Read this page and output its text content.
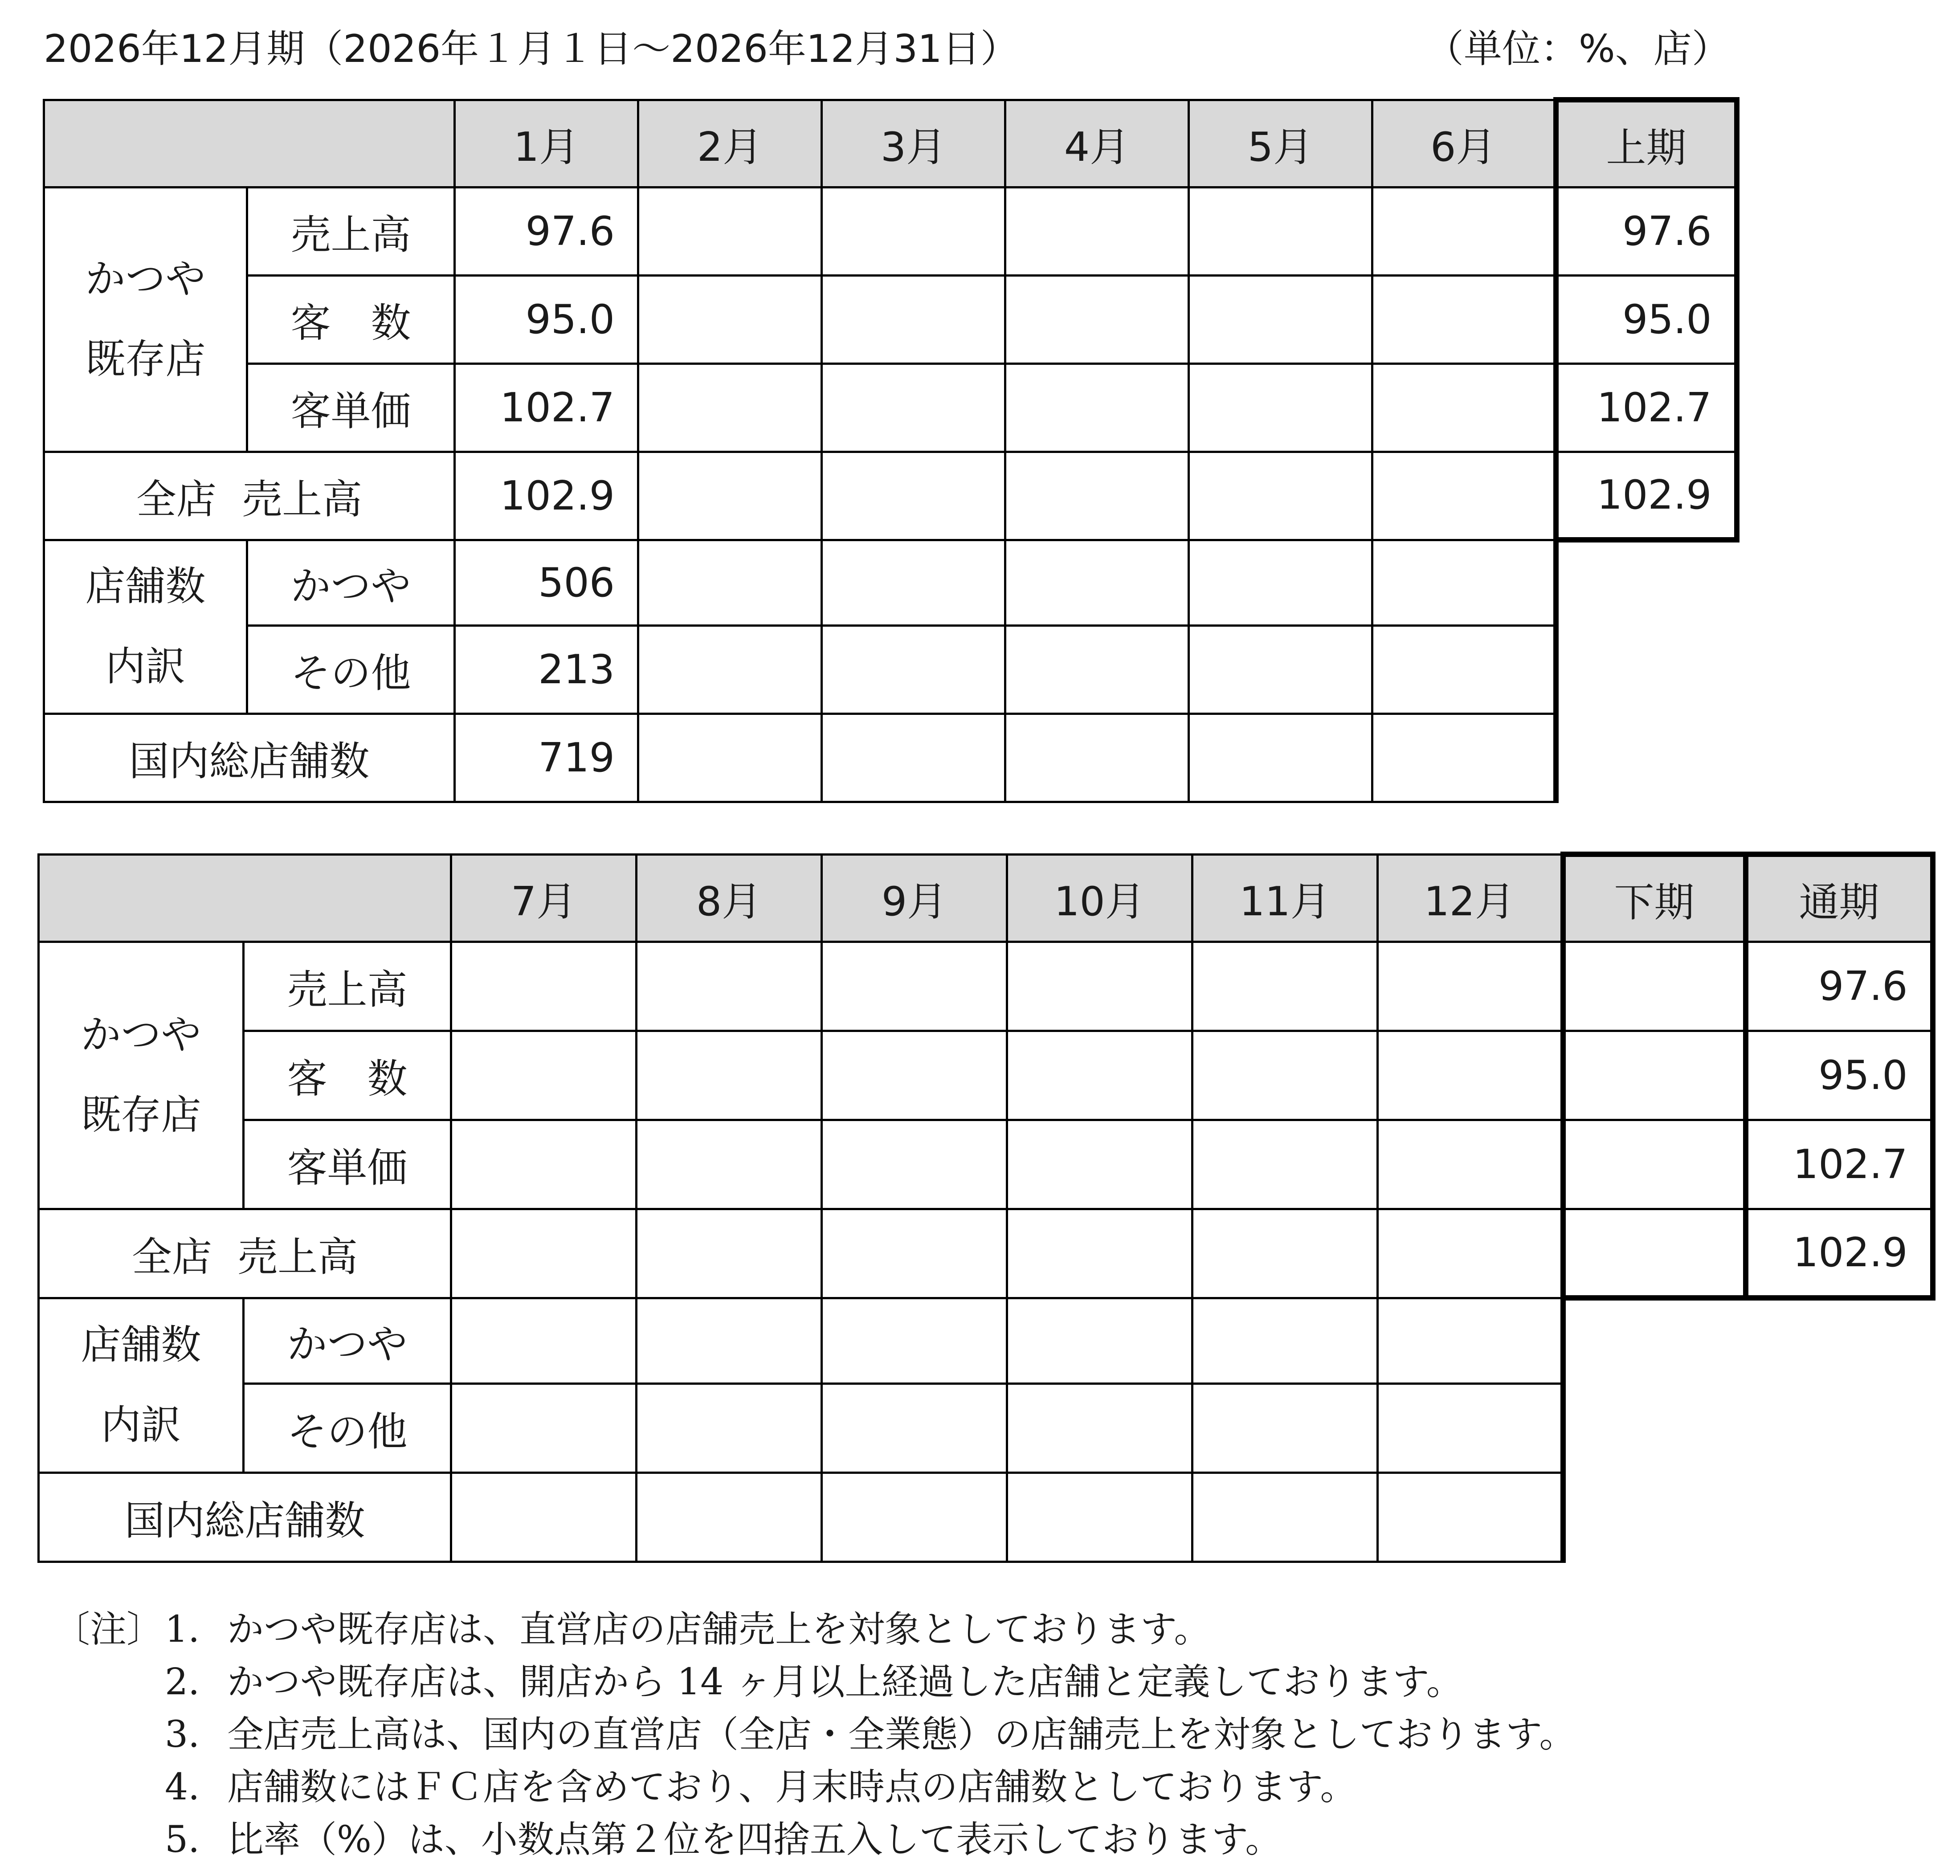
2026年12月期（2026年１月１日～2026年12月31日）	（単位：%、店）
		1月	2月	3月	4月	5月	6月	上期
かつや
既存店	売上高	97.6						97.6
	客　数	95.0						95.0
	客単価	102.7						102.7
全店  売上高		102.9						102.9
店舗数
内訳	かつや	506						
	その他	213						
国内総店舗数		719						
		7月	8月	9月	10月	11月	12月	下期	通期
かつや
既存店	売上高								97.6
	客　数								95.0
	客単価								102.7
全店  売上高									102.9
店舗数
内訳	かつや								
	その他								
国内総店舗数									
〔注〕 1. かつや既存店は、直営店の店舗売上を対象としております。
2. かつや既存店は、開店から 14 ヶ月以上経過した店舗と定義しております。
3. 全店売上高は、国内の直営店（全店・全業態）の店舗売上を対象としております。
4. 店舗数にはＦＣ店を含めており、月末時点の店舗数としております。
5. 比率（%）は、小数点第２位を四捨五入して表示しております。
